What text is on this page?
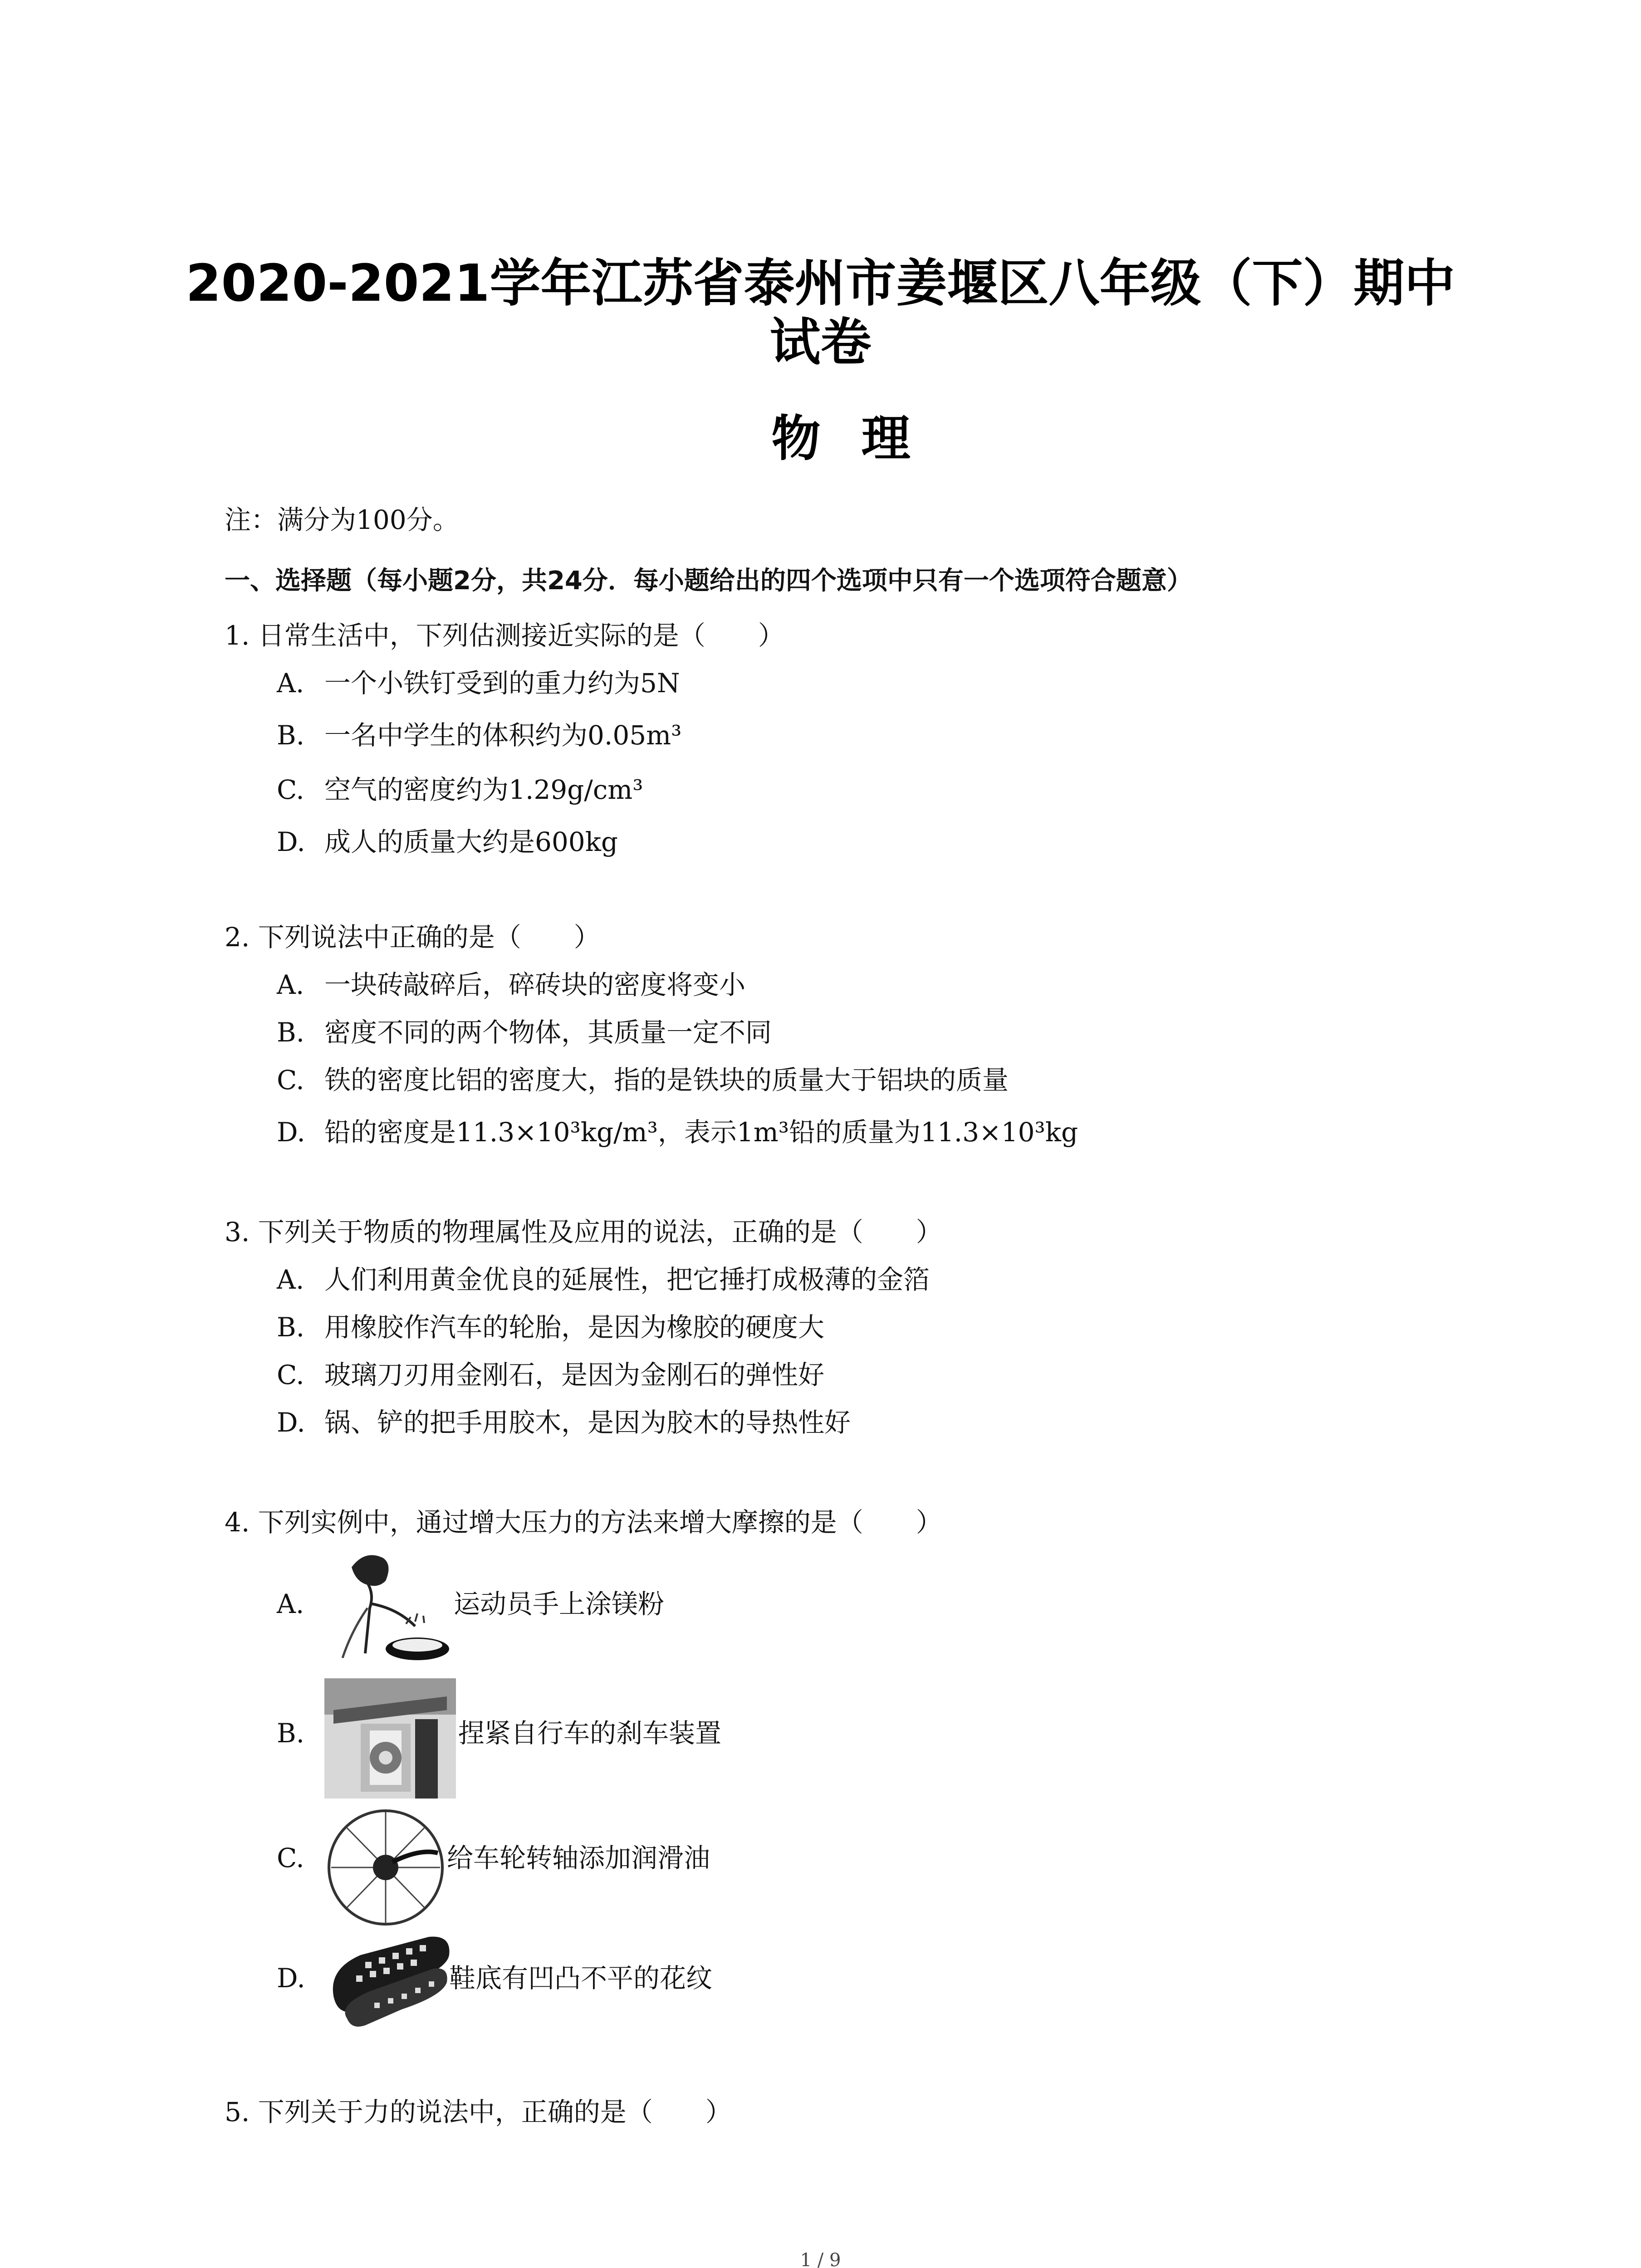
2020-2021学年江苏省泰州市姜堰区八年级（下）期中
试卷
物理
注：满分为100分。
一、选择题（每小题2分，共24分．每小题给出的四个选项中只有一个选项符合题意）
1. 日常生活中，下列估测接近实际的是（　　）
A. 一个小铁钉受到的重力约为5N
B. 一名中学生的体积约为0.05m³
C. 空气的密度约为1.29g/cm³
D. 成人的质量大约是600kg
2. 下列说法中正确的是（　　）
A. 一块砖敲碎后，碎砖块的密度将变小
B. 密度不同的两个物体，其质量一定不同
C. 铁的密度比铝的密度大，指的是铁块的质量大于铝块的质量
D. 铅的密度是11.3×10³kg/m³，表示1m³铅的质量为11.3×10³kg
3. 下列关于物质的物理属性及应用的说法，正确的是（　　）
A. 人们利用黄金优良的延展性，把它捶打成极薄的金箔
B. 用橡胶作汽车的轮胎，是因为橡胶的硬度大
C. 玻璃刀刃用金刚石，是因为金刚石的弹性好
D. 锅、铲的把手用胶木，是因为胶木的导热性好
4. 下列实例中，通过增大压力的方法来增大摩擦的是（　　）
A.	运动员手上涂镁粉
B.	捏紧自行车的刹车装置
C.	给车轮转轴添加润滑油
D.	鞋底有凹凸不平的花纹
5. 下列关于力的说法中，正确的是（　　）
1 / 9
